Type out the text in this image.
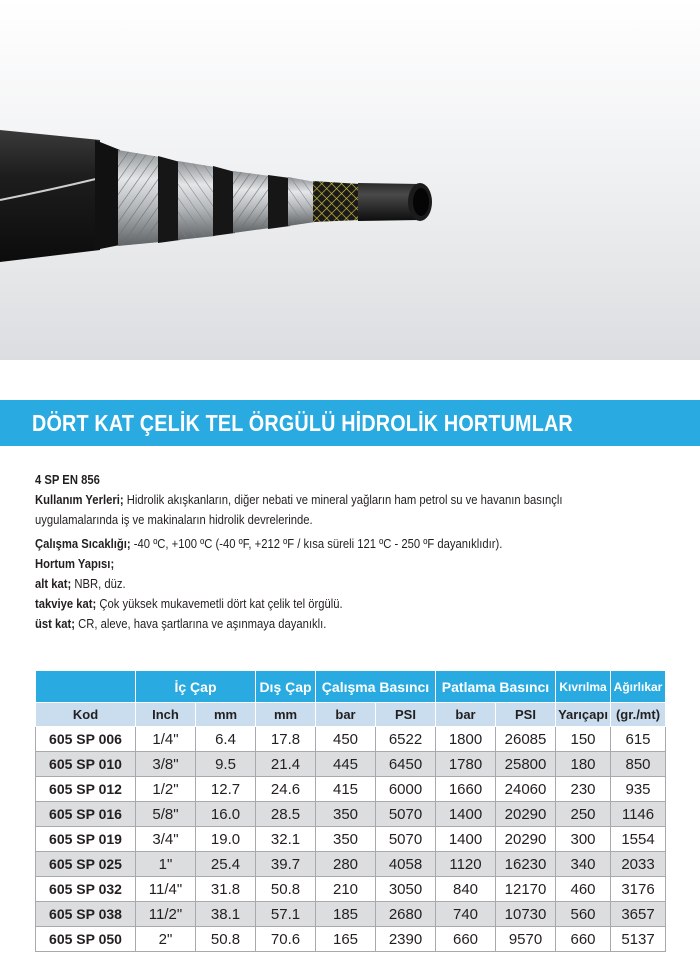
DÖRT KAT ÇELİK TEL ÖRGÜLÜ HİDROLİK HORTUMLAR
4 SP EN 856
Kullanım Yerleri; Hidrolik akışkanların, diğer nebati ve mineral yağların ham petrol su ve havanın basınçlı
uygulamalarında iş ve makinaların hidrolik devrelerinde.
Çalışma Sıcaklığı; -40 ºC, +100 ºC (-40 ºF, +212 ºF / kısa süreli 121 ºC - 250 ºF dayanıklıdır).
Hortum Yapısı;
alt kat; NBR, düz.
takviye kat; Çok yüksek mukavemetli dört kat çelik tel örgülü.
üst kat; CR, aleve, hava şartlarına ve aşınmaya dayanıklı.
	İç Çap		Dış Çap	Çalışma Basıncı		Patlama Basıncı		Kıvrılma	Ağırlıkar
Kod	Inch	mm	mm	bar	PSI	bar	PSI	Yarıçapı	(gr./mt)
605 SP 006	1/4"	6.4	17.8	450	6522	1800	26085	150	615
605 SP 010	3/8"	9.5	21.4	445	6450	1780	25800	180	850
605 SP 012	1/2"	12.7	24.6	415	6000	1660	24060	230	935
605 SP 016	5/8"	16.0	28.5	350	5070	1400	20290	250	1146
605 SP 019	3/4"	19.0	32.1	350	5070	1400	20290	300	1554
605 SP 025	1"	25.4	39.7	280	4058	1120	16230	340	2033
605 SP 032	11/4"	31.8	50.8	210	3050	840	12170	460	3176
605 SP 038	11/2"	38.1	57.1	185	2680	740	10730	560	3657
605 SP 050	2"	50.8	70.6	165	2390	660	9570	660	5137
